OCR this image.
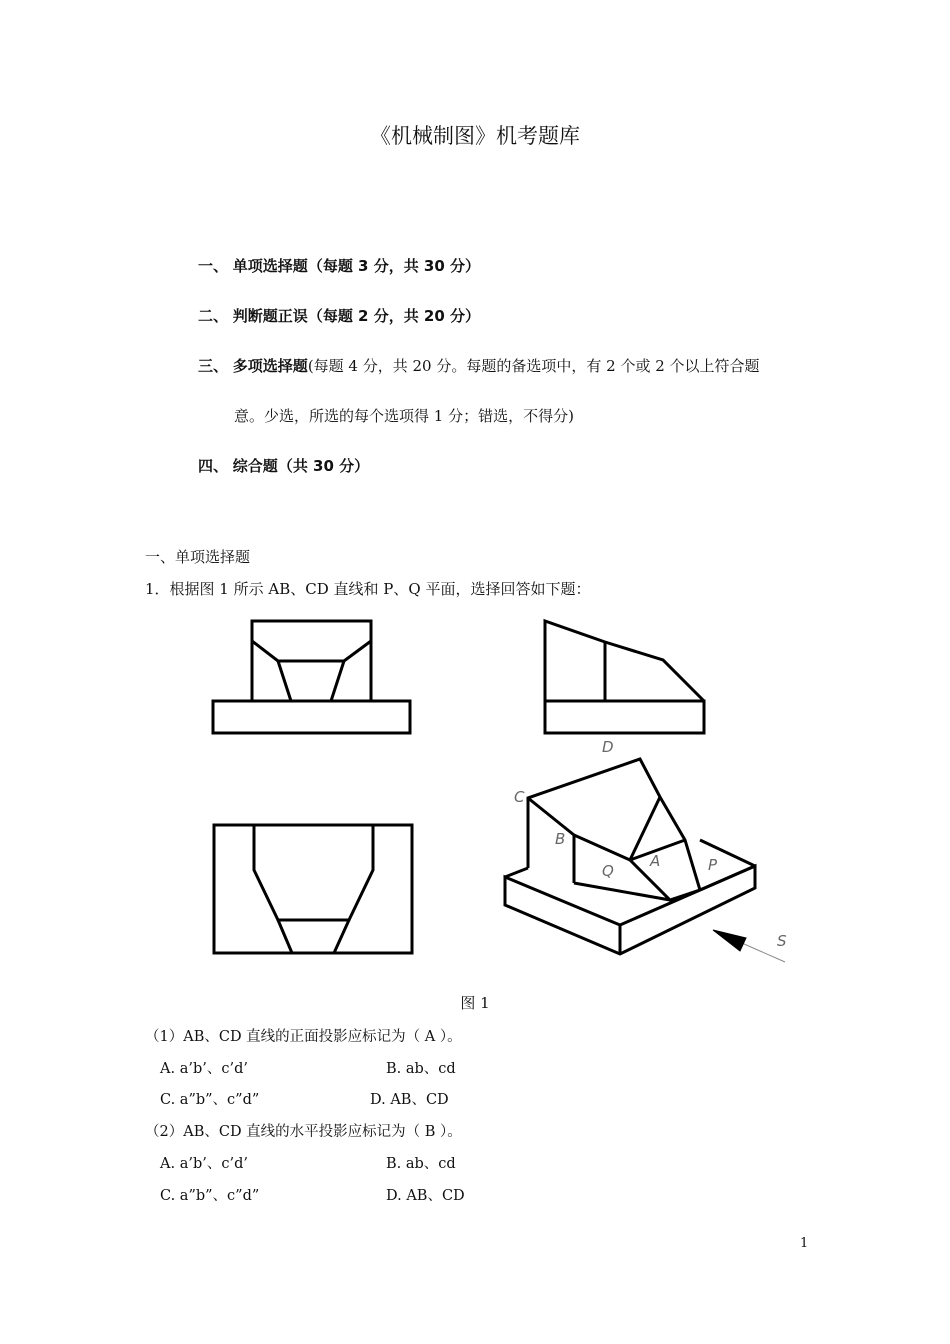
《机械制图》机考题库
一、 单项选择题（每题 3 分，共 30 分）
二、 判断题正误（每题 2 分，共 20 分）
三、 多项选择题(每题 4 分，共 20 分。每题的备选项中，有 2 个或 2 个以上符合题
意。少选，所选的每个选项得 1 分；错选，不得分)
四、 综合题（共 30 分）
一、单项选择题
1．根据图 1 所示 AB、CD 直线和 P、Q 平面，选择回答如下题：
D
C
B
Q
A	P
S
图 1
（1）AB、CD 直线的正面投影应标记为（ A ）。
A. a’b’、c’d’	B. ab、cd
C. a”b”、c”d”	D. AB、CD
（2）AB、CD 直线的水平投影应标记为（ B ）。
A. a’b’、c’d’	B. ab、cd
C. a”b”、c”d”	D. AB、CD
1
